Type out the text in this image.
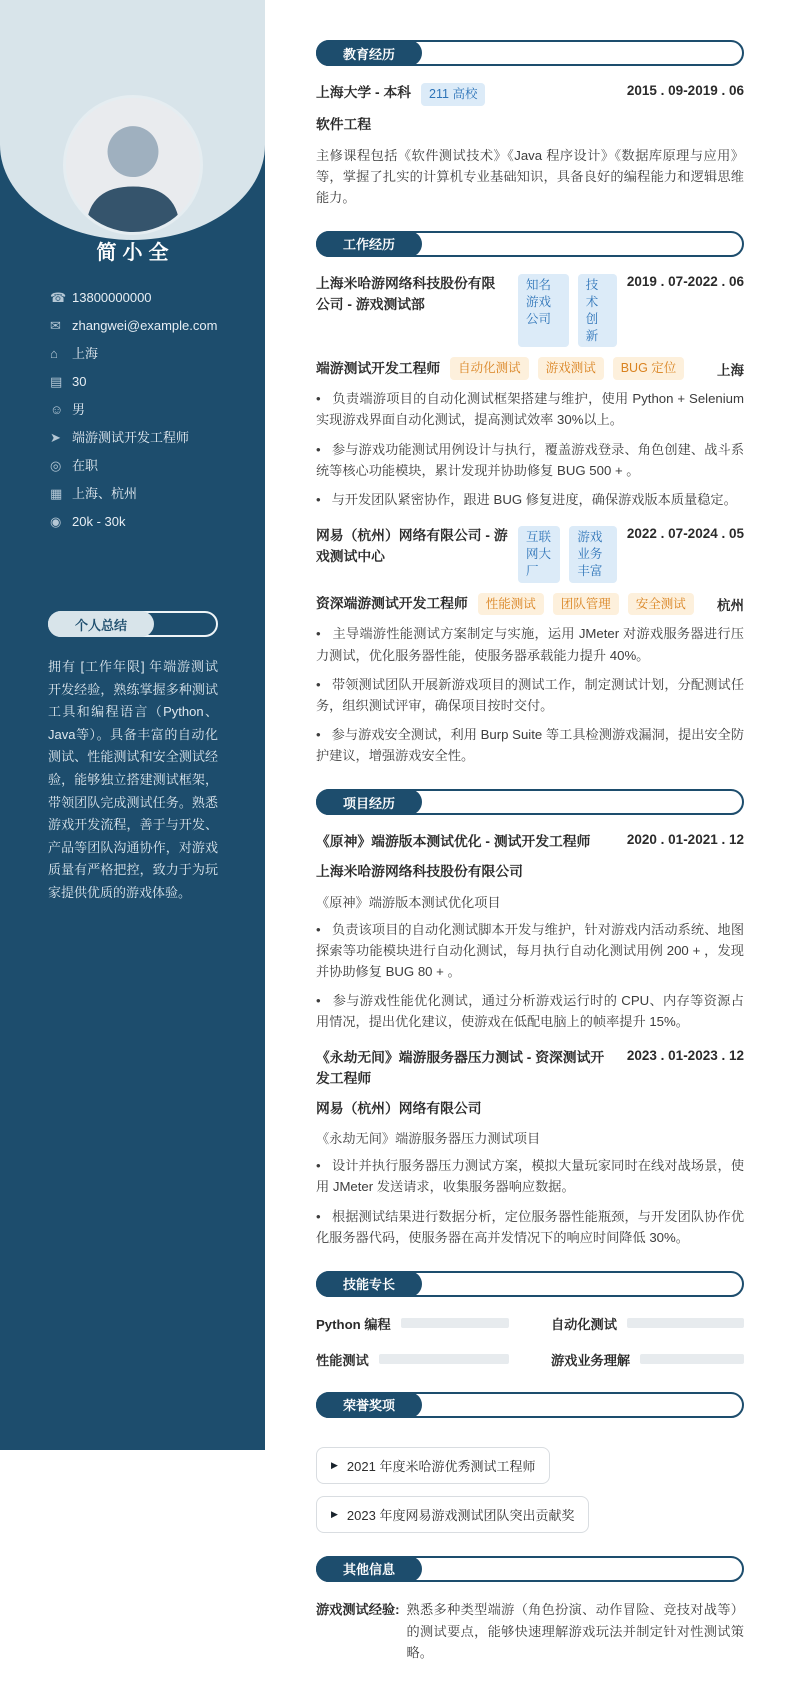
简小全
☎ 13800000000
✉ zhangwei@example.com
⌂	上海
▤ 30
☺ 男
➤ 端游测试开发工程师
◎ 在职
▦ 上海、杭州
◉ 20k - 30k
个人总结
拥有 [工作年限] 年端游测试开发经验，熟练掌握多种测试工具和编程语言（Python、Java等）。具备丰富的自动化测试、性能测试和安全测试经验，能够独立搭建测试框架，带领团队完成测试任务。熟悉游戏开发流程，善于与开发、产品等团队沟通协作，对游戏质量有严格把控，致力于为玩家提供优质的游戏体验。
教育经历
上海大学 - 本科	211 高校	2015 . 09-2019 . 06
软件工程
主修课程包括《软件测试技术》《Java 程序设计》《数据库原理与应用》等，掌握了扎实的计算机专业基础知识，具备良好的编程能力和逻辑思维能力。
工作经历
上海米哈游网络科技股份有限公司 - 游戏测试部
知名游戏公司
技术创新
2019 . 07-2022 . 06
端游测试开发工程师	自动化测试	游戏测试	BUG 定位	上海
•   负责端游项目的自动化测试框架搭建与维护，使用 Python + Selenium 实现游戏界面自动化测试，提高测试效率 30%以上。
•   参与游戏功能测试用例设计与执行，覆盖游戏登录、角色创建、战斗系统等核心功能模块，累计发现并协助修复 BUG 500 + 。
•   与开发团队紧密协作，跟进 BUG 修复进度，确保游戏版本质量稳定。
网易（杭州）网络有限公司 - 游戏测试中心
互联网大厂
游戏业务丰富
2022 . 07-2024 . 05
资深端游测试开发工程师	性能测试	团队管理	安全测试	杭州
•   主导端游性能测试方案制定与实施，运用 JMeter 对游戏服务器进行压力测试，优化服务器性能，使服务器承载能力提升 40%。
•   带领测试团队开展新游戏项目的测试工作，制定测试计划，分配测试任务，组织测试评审，确保项目按时交付。
•   参与游戏安全测试，利用 Burp Suite 等工具检测游戏漏洞，提出安全防护建议，增强游戏安全性。
项目经历
《原神》端游版本测试优化 - 测试开发工程师	2020 . 01-2021 . 12
上海米哈游网络科技股份有限公司
《原神》端游版本测试优化项目
•   负责该项目的自动化测试脚本开发与维护，针对游戏内活动系统、地图探索等功能模块进行自动化测试，每月执行自动化测试用例 200 + ，发现并协助修复 BUG 80 + 。
•   参与游戏性能优化测试，通过分析游戏运行时的 CPU、内存等资源占用情况，提出优化建议，使游戏在低配电脑上的帧率提升 15%。
《永劫无间》端游服务器压力测试 - 资深测试开发工程师
2023 . 01-2023 . 12
网易（杭州）网络有限公司
《永劫无间》端游服务器压力测试项目
•   设计并执行服务器压力测试方案，模拟大量玩家同时在线对战场景，使用 JMeter 发送请求，收集服务器响应数据。
•   根据测试结果进行数据分析，定位服务器性能瓶颈，与开发团队协作优化服务器代码，使服务器在高并发情况下的响应时间降低 30%。
技能专长
Python 编程	自动化测试
性能测试	游戏业务理解
荣誉奖项
▶ 2021 年度米哈游优秀测试工程师
▶ 2023 年度网易游戏测试团队突出贡献奖
其他信息
游戏测试经验: 熟悉多种类型端游（角色扮演、动作冒险、竞技对战等）的测试要点，能够快速理解游戏玩法并制定针对性测试策略。
